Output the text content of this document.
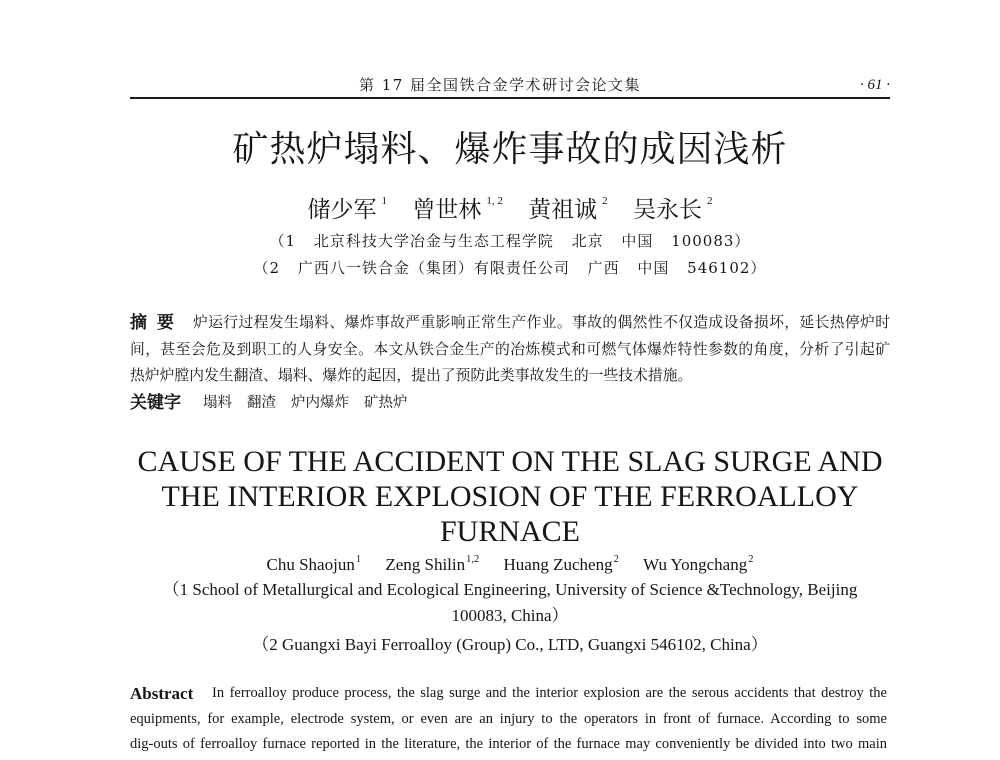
第 17 届全国铁合金学术研讨会论文集	· 61 ·
矿热炉塌料、爆炸事故的成因浅析
储少军 1 曾世林 1, 2 黄祖诚 2 吴永长 2
（1 北京科技大学冶金与生态工程学院 北京 中国 100083）
（2 广西八一铁合金（集团）有限责任公司 广西 中国 546102）
摘 要	炉运行过程发生塌料、爆炸事故严重影响正常生产作业。事故的偶然性不仅造成设备损坏，延长热停炉时
间，甚至会危及到职工的人身安全。本文从铁合金生产的冶炼模式和可燃气体爆炸特性参数的角度，分析了引起矿
热炉炉膛内发生翻渣、塌料、爆炸的起因，提出了预防此类事故发生的一些技术措施。
关键字	塌料 翻渣 炉内爆炸 矿热炉
CAUSE OF THE ACCIDENT ON THE SLAG SURGE AND THE INTERIOR EXPLOSION OF THE FERROALLOY FURNACE
Chu Shaojun1 Zeng Shilin1,2 Huang Zucheng2 Wu Yongchang2
（1 School of Metallurgical and Ecological Engineering, University of Science &Technology, Beijing 100083, China）
（2 Guangxi Bayi Ferroalloy (Group) Co., LTD, Guangxi 546102, China）
Abstract	In ferroalloy produce process, the slag surge and the interior explosion are the serous accidents that destroy the
equipments, for example, electrode system, or even are an injury to the operators in front of furnace. According to some
dig-outs of ferroalloy furnace reported in the literature, the interior of the furnace may conveniently be divided into two main
